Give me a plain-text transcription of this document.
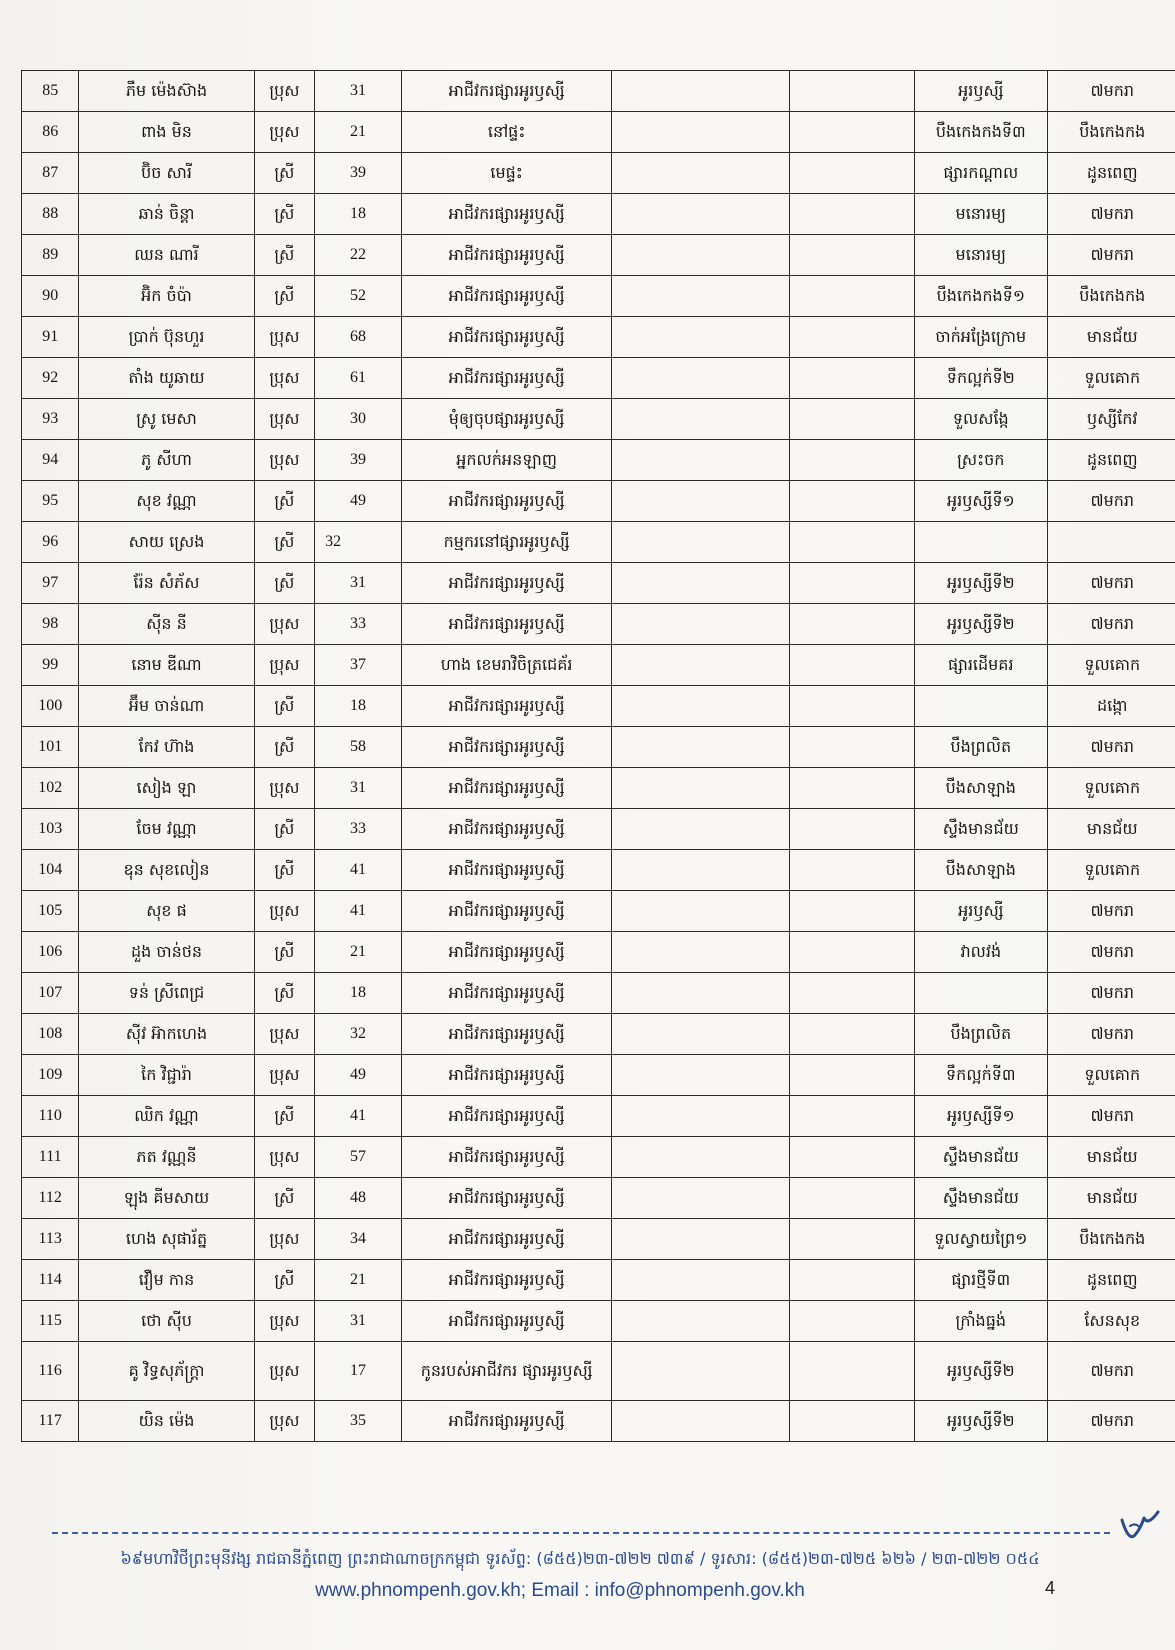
85	ភឹម ម៉េងស៊ាង	ប្រុស	31	អាជីវករផ្សារអូរឫស្សី			អូរឫស្សី	៧មករា
86	ពាង មិន	ប្រុស	21	នៅផ្ទះ			បឹងកេងកងទី៣	បឹងកេងកង
87	ប៊ិច សារី	ស្រី	39	មេផ្ទះ			ផ្សារកណ្ដាល	ដូនពេញ
88	ឆាន់ ចិន្តា	ស្រី	18	អាជីវករផ្សារអូរឫស្សី			មនោរម្យ	៧មករា
89	ឈន ណារី	ស្រី	22	អាជីវករផ្សារអូរឫស្សី			មនោរម្យ	៧មករា
90	អ៊ិក ចំប៉ា	ស្រី	52	អាជីវករផ្សារអូរឫស្សី			បឹងកេងកងទី១	បឹងកេងកង
91	ប្រាក់ ប៊ុនហួរ	ប្រុស	68	អាជីវករផ្សារអូរឫស្សី			ចាក់អង្រែក្រោម	មានជ័យ
92	តាំង យូឆាយ	ប្រុស	61	អាជីវករផ្សារអូរឫស្សី			ទឹកល្អក់ទី២	ទួលគោក
93	ស្រូ មេសា	ប្រុស	30	មុំឲ្យចុបផ្សារអូរឫស្សី			ទួលសង្កែ	ឫស្សីកែវ
94	ភូ សីហា	ប្រុស	39	អ្នកលក់អនឡាញ			ស្រះចក	ដូនពេញ
95	សុខ វណ្ណា	ស្រី	49	អាជីវករផ្សារអូរឫស្សី			អូរឫស្សីទី១	៧មករា
96	សាយ ស្រេង	ស្រី	32	កម្មករនៅផ្សារអូរឫស្សី				
97	រ៉ែន សំភ័ស	ស្រី	31	អាជីវករផ្សារអូរឫស្សី			អូរឫស្សីទី២	៧មករា
98	ស៊ីន នី	ប្រុស	33	អាជីវករផ្សារអូរឫស្សី			អូរឫស្សីទី២	៧មករា
99	នោម ឌីណា	ប្រុស	37	ហាង ខេមរាវិចិត្រជេគ័រ			ផ្សារដើមគរ	ទួលគោក
100	អ៊ឹម ចាន់ណា	ស្រី	18	អាជីវករផ្សារអូរឫស្សី				ដង្កោ
101	កែវ ហ៊ាង	ស្រី	58	អាជីវករផ្សារអូរឫស្សី			បឹងព្រលិត	៧មករា
102	សៀង ឡា	ប្រុស	31	អាជីវករផ្សារអូរឫស្សី			បឹងសាឡាង	ទួលគោក
103	ចែម វណ្ណា	ស្រី	33	អាជីវករផ្សារអូរឫស្សី			ស្ទឹងមានជ័យ	មានជ័យ
104	ឧុន សុខលៀន	ស្រី	41	អាជីវករផ្សារអូរឫស្សី			បឹងសាឡាង	ទួលគោក
105	សុខ ផ	ប្រុស	41	អាជីវករផ្សារអូរឫស្សី			អូរឫស្សី	៧មករា
106	ដួង ចាន់ថន	ស្រី	21	អាជីវករផ្សារអូរឫស្សី			វាលវង់	៧មករា
107	ទន់ ស្រីពេជ្រ	ស្រី	18	អាជីវករផ្សារអូរឫស្សី				៧មករា
108	ស៊ីវ អ៊ាកហេង	ប្រុស	32	អាជីវករផ្សារអូរឫស្សី			បឹងព្រលិត	៧មករា
109	កៃ វិជ្ជារ៉ា	ប្រុស	49	អាជីវករផ្សារអូរឫស្សី			ទឹកល្អក់ទី៣	ទួលគោក
110	ឈិក វណ្ណា	ស្រី	41	អាជីវករផ្សារអូរឫស្សី			អូរឫស្សីទី១	៧មករា
111	ភត វណ្ណនី	ប្រុស	57	អាជីវករផ្សារអូរឫស្សី			ស្ទឹងមានជ័យ	មានជ័យ
112	ឡុង គីមសាយ	ស្រី	48	អាជីវករផ្សារអូរឫស្សី			ស្ទឹងមានជ័យ	មានជ័យ
113	ហេង សុផារ័ត្ន	ប្រុស	34	អាជីវករផ្សារអូរឫស្សី			ទួលស្វាយព្រៃ១	បឹងកេងកង
114	វឿម កាន	ស្រី	21	អាជីវករផ្សារអូរឫស្សី			ផ្សារថ្មីទី៣	ដូនពេញ
115	ថោ ស៊ីប	ប្រុស	31	អាជីវករផ្សារអូរឫស្សី			ក្រាំងធ្នង់	សែនសុខ
116	គូ វិទ្ធសុភ័ក្ត្រា	ប្រុស	17	កូនរបស់អាជីវករ ផ្សារអូរឫស្សី			អូរឫស្សីទី២	៧មករា
117	យិន ម៉េង	ប្រុស	35	អាជីវករផ្សារអូរឫស្សី			អូរឫស្សីទី២	៧មករា
៦៩មហាវិថីព្រះមុនីវង្ស រាជធានីភ្នំពេញ ព្រះរាជាណាចក្រកម្ពុជា ទូរស័ព្ទ: (៨៥៥)២៣-៧២២ ៧៣៩ / ទូរសារ: (៨៥៥)២៣-៧២៥ ៦២៦ / ២៣-៧២២ ០៥៤
www.phnompenh.gov.kh; Email : info@phnompenh.gov.kh	4
